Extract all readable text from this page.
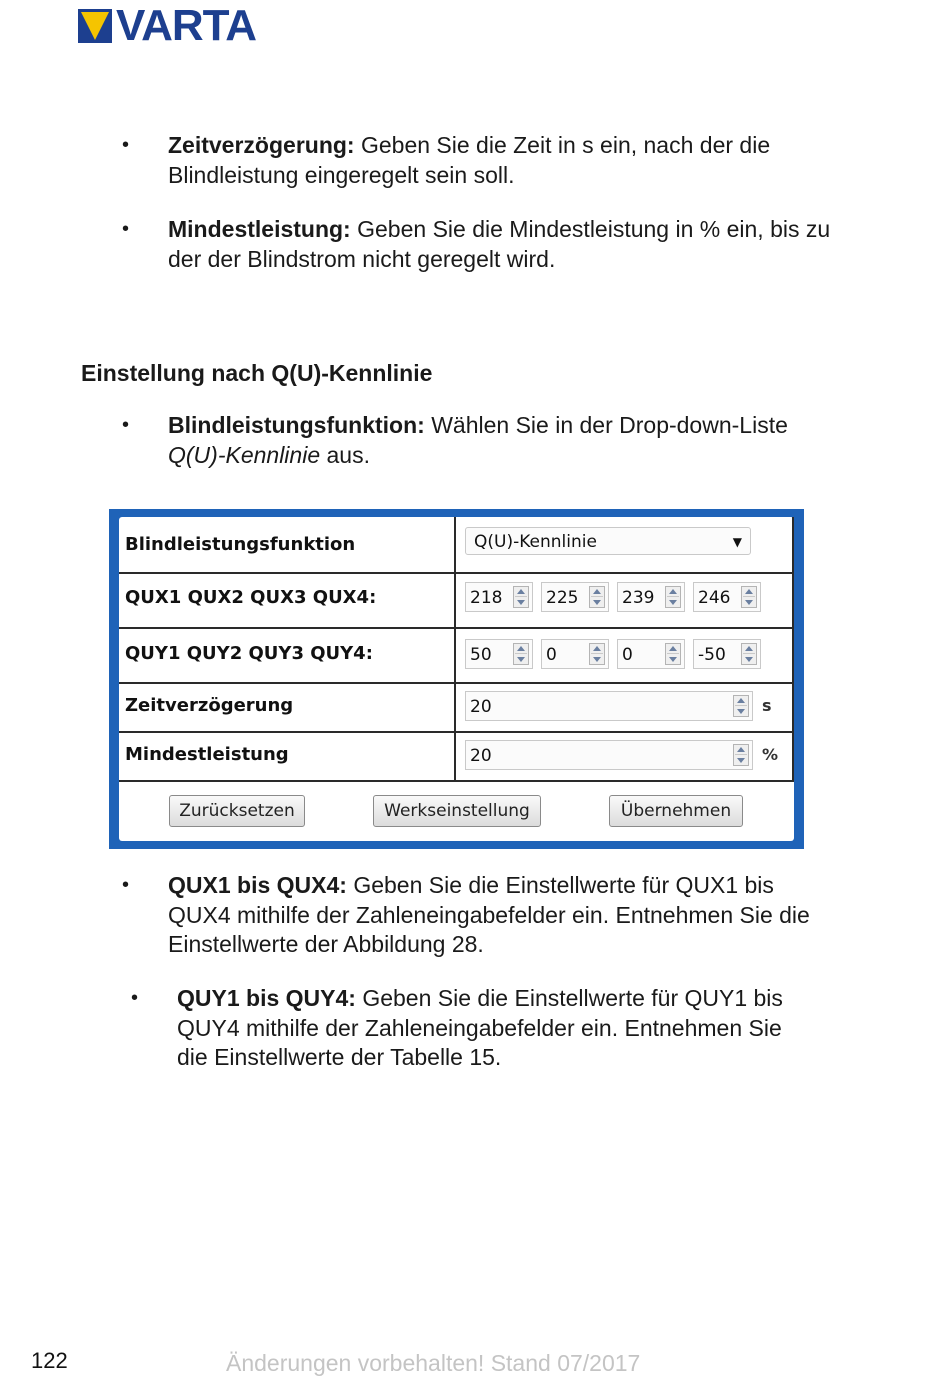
VARTA
• Zeitverzögerung: Geben Sie die Zeit in s ein, nach der die Blindleistung eingeregelt sein soll.
• Mindestleistung: Geben Sie die Mindestleistung in % ein, bis zu der der Blindstrom nicht geregelt wird.
Einstellung nach Q(U)-Kennlinie
• Blindleistungsfunktion: Wählen Sie in der Drop-down-Liste Q(U)-Kennlinie aus.
Blindleistungsfunktion	Q(U)-Kennlinie	▼
QUX1 QUX2 QUX3 QUX4:	218	225	239	246
QUY1 QUY2 QUY3 QUY4:	50	0	0	-50
Zeitverzögerung	20	s
Mindestleistung	20	%
Zurücksetzen	Werkseinstellung	Übernehmen
• QUX1 bis QUX4: Geben Sie die Einstellwerte für QUX1 bis QUX4 mithilfe der Zahleneingabefelder ein. Entnehmen Sie die Einstellwerte der Abbildung 28.
• QUY1 bis QUY4: Geben Sie die Einstellwerte für QUY1 bis QUY4 mithilfe der Zahleneingabefelder ein. Entnehmen Sie die Einstellwerte der Tabelle 15.
122	Änderungen vorbehalten! Stand 07/2017
